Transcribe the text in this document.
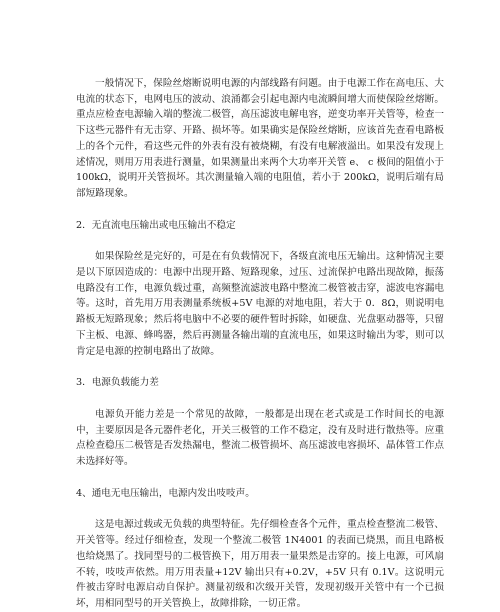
一般情况下，保险丝熔断说明电源的内部线路有问题。由于电源工作在高电压、大电流的状态下，电网电压的波动、浪涌都会引起电源内电流瞬间增大而使保险丝熔断。重点应检查电源输入端的整流二极管，高压滤波电解电容，逆变功率开关管等，检查一下这些元器件有无击穿、开路、损坏等。如果确实是保险丝熔断，应该首先查看电路板上的各个元件，看这些元件的外表有没有被烧糊，有没有电解液溢出。如果没有发现上述情况，则用万用表进行测量，如果测量出来两个大功率开关管 e、 c 极间的阻值小于 100kΩ，说明开关管损坏。其次测量输入端的电阻值，若小于 200kΩ，说明后端有局部短路现象。

2．无直流电压输出或电压输出不稳定

如果保险丝是完好的，可是在有负载情况下，各级直流电压无输出。这种情况主要是以下原因造成的：电源中出现开路、短路现象，过压、过流保护电路出现故障，振荡电路没有工作，电源负载过重，高频整流滤波电路中整流二极管被击穿，滤波电容漏电等。这时，首先用万用表测量系统板+5V 电源的对地电阻，若大于 0．8Ω，则说明电路板无短路现象；然后将电脑中不必要的硬件暂时拆除，如硬盘、光盘驱动器等，只留下主板、电源、蜂鸣器，然后再测量各输出端的直流电压，如果这时输出为零，则可以肯定是电源的控制电路出了故障。

3．电源负载能力差

电源负开能力差是一个常见的故障，一般都是出现在老式或是工作时间长的电源中，主要原因是各元器件老化，开关三极管的工作不稳定，没有及时进行散热等。应重点检查稳压二极管是否发热漏电，整流二极管损坏、高压滤波电容损坏、晶体管工作点未选择好等。

4、通电无电压输出，电源内发出吱吱声。

这是电源过载或无负载的典型特征。先仔细检查各个元件，重点检查整流二极管、开关管等。经过仔细检查，发现一个整流二极管 1N4001 的表面已烧黑，而且电路板也给烧黑了。找同型号的二极管换下，用万用表一量果然是击穿的。接上电源，可风扇不转，吱吱声依然。用万用表量+12V 输出只有+0.2V，+5V 只有 0.1V。这说明元件被击穿时电源启动自保护。测量初级和次级开关管，发现初级开关管中有一个已损坏，用相同型号的开关管换上，故障排除，一切正常。
